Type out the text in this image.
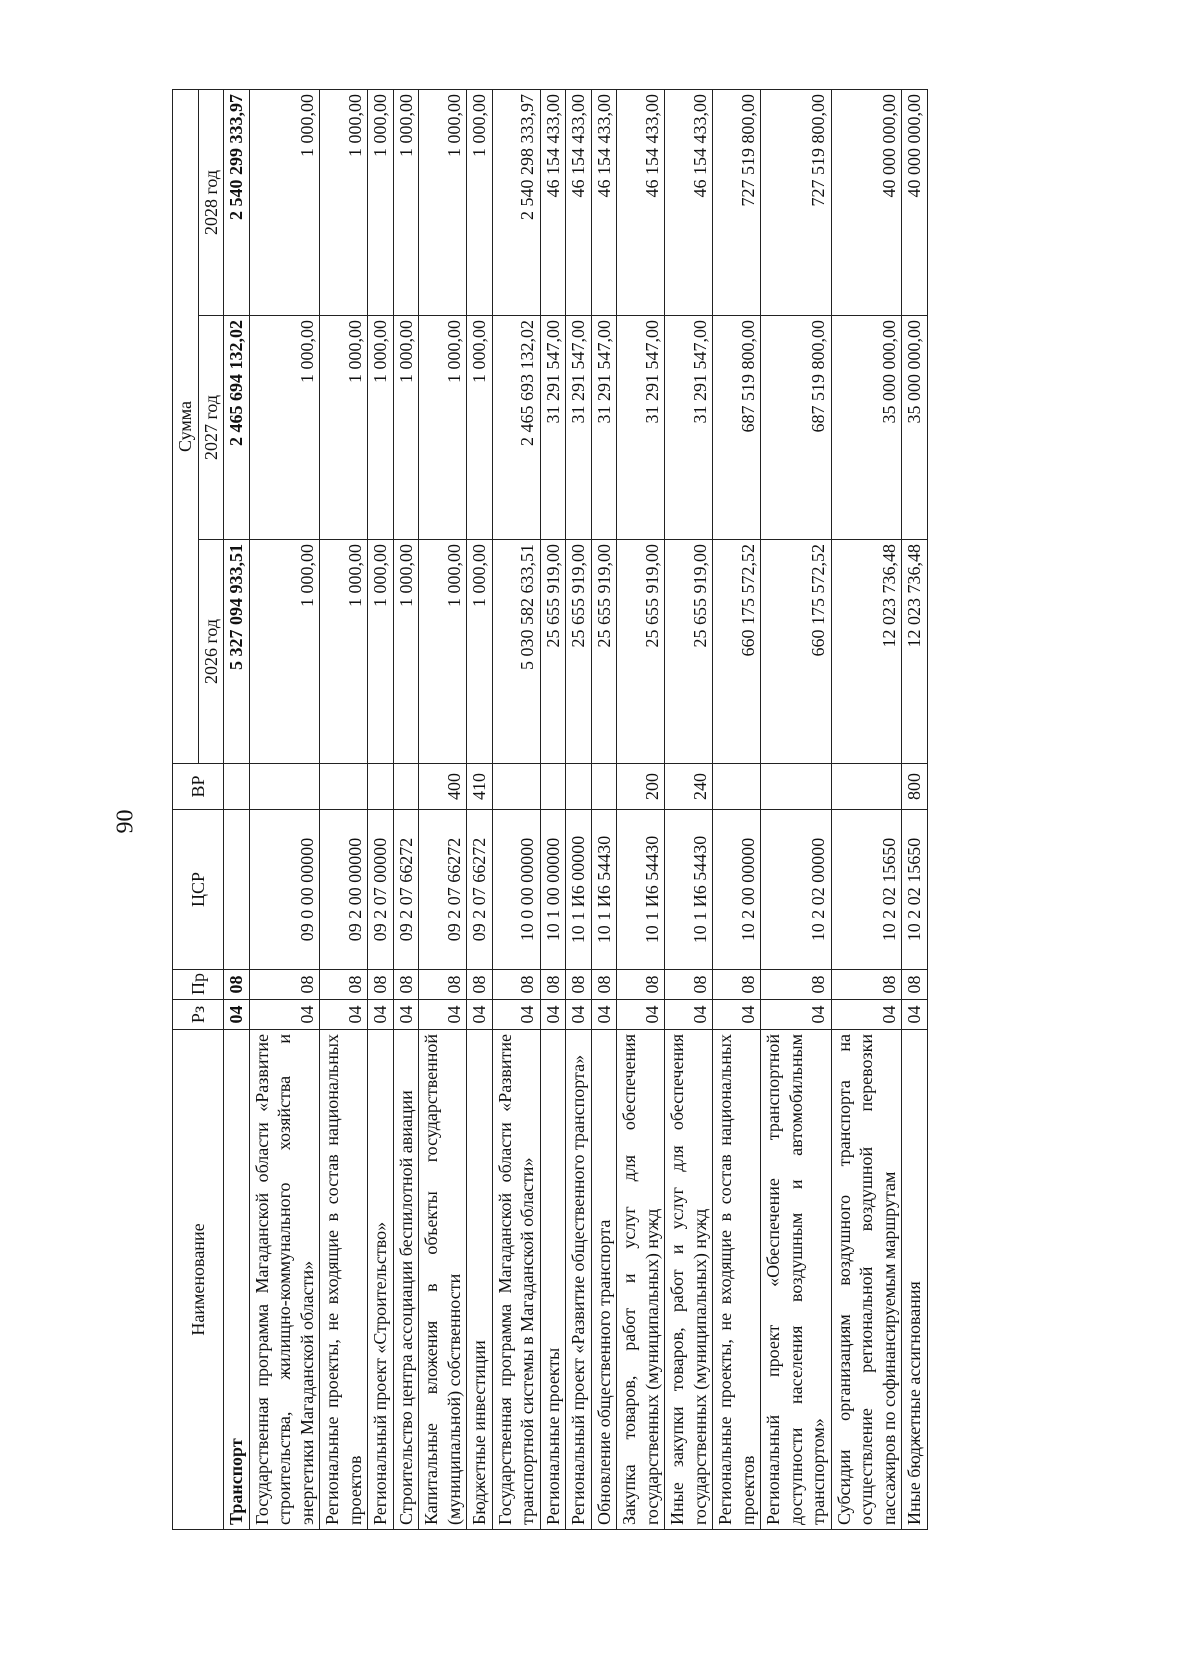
90
Наименование	Рз	Пр	ЦСР	ВР	Сумма		
					2026 год	2027 год	2028 год
Транспорт	04	08			5 327 094 933,51	2 465 694 132,02	2 540 299 333,97
Государственная программа Магаданской области «Развитие строительства, жилищно-коммунального хозяйства и энергетики Магаданской области»	04	08	09 0 00 00000		1 000,00	1 000,00	1 000,00
Региональные проекты, не входящие в состав национальных проектов	04	08	09 2 00 00000		1 000,00	1 000,00	1 000,00
Региональный проект «Строительство»	04	08	09 2 07 00000		1 000,00	1 000,00	1 000,00
Строительство центра ассоциации беспилотной авиации	04	08	09 2 07 66272		1 000,00	1 000,00	1 000,00
Капитальные вложения в объекты государственной (муниципальной) собственности	04	08	09 2 07 66272	400	1 000,00	1 000,00	1 000,00
Бюджетные инвестиции	04	08	09 2 07 66272	410	1 000,00	1 000,00	1 000,00
Государственная программа Магаданской области «Развитие транспортной системы в Магаданской области»	04	08	10 0 00 00000		5 030 582 633,51	2 465 693 132,02	2 540 298 333,97
Региональные проекты	04	08	10 1 00 00000		25 655 919,00	31 291 547,00	46 154 433,00
Региональный проект «Развитие общественного транспорта»	04	08	10 1 И6 00000		25 655 919,00	31 291 547,00	46 154 433,00
Обновление общественного транспорта	04	08	10 1 И6 54430		25 655 919,00	31 291 547,00	46 154 433,00
Закупка товаров, работ и услуг для обеспечения государственных (муниципальных) нужд	04	08	10 1 И6 54430	200	25 655 919,00	31 291 547,00	46 154 433,00
Иные закупки товаров, работ и услуг для обеспечения государственных (муниципальных) нужд	04	08	10 1 И6 54430	240	25 655 919,00	31 291 547,00	46 154 433,00
Региональные проекты, не входящие в состав национальных проектов	04	08	10 2 00 00000		660 175 572,52	687 519 800,00	727 519 800,00
Региональный проект «Обеспечение транспортной доступности населения воздушным и автомобильным транспортом»	04	08	10 2 02 00000		660 175 572,52	687 519 800,00	727 519 800,00
Субсидии организациям воздушного транспорта на осуществление региональной воздушной перевозки пассажиров по софинансируемым маршрутам	04	08	10 2 02 15650		12 023 736,48	35 000 000,00	40 000 000,00
Иные бюджетные ассигнования	04	08	10 2 02 15650	800	12 023 736,48	35 000 000,00	40 000 000,00
